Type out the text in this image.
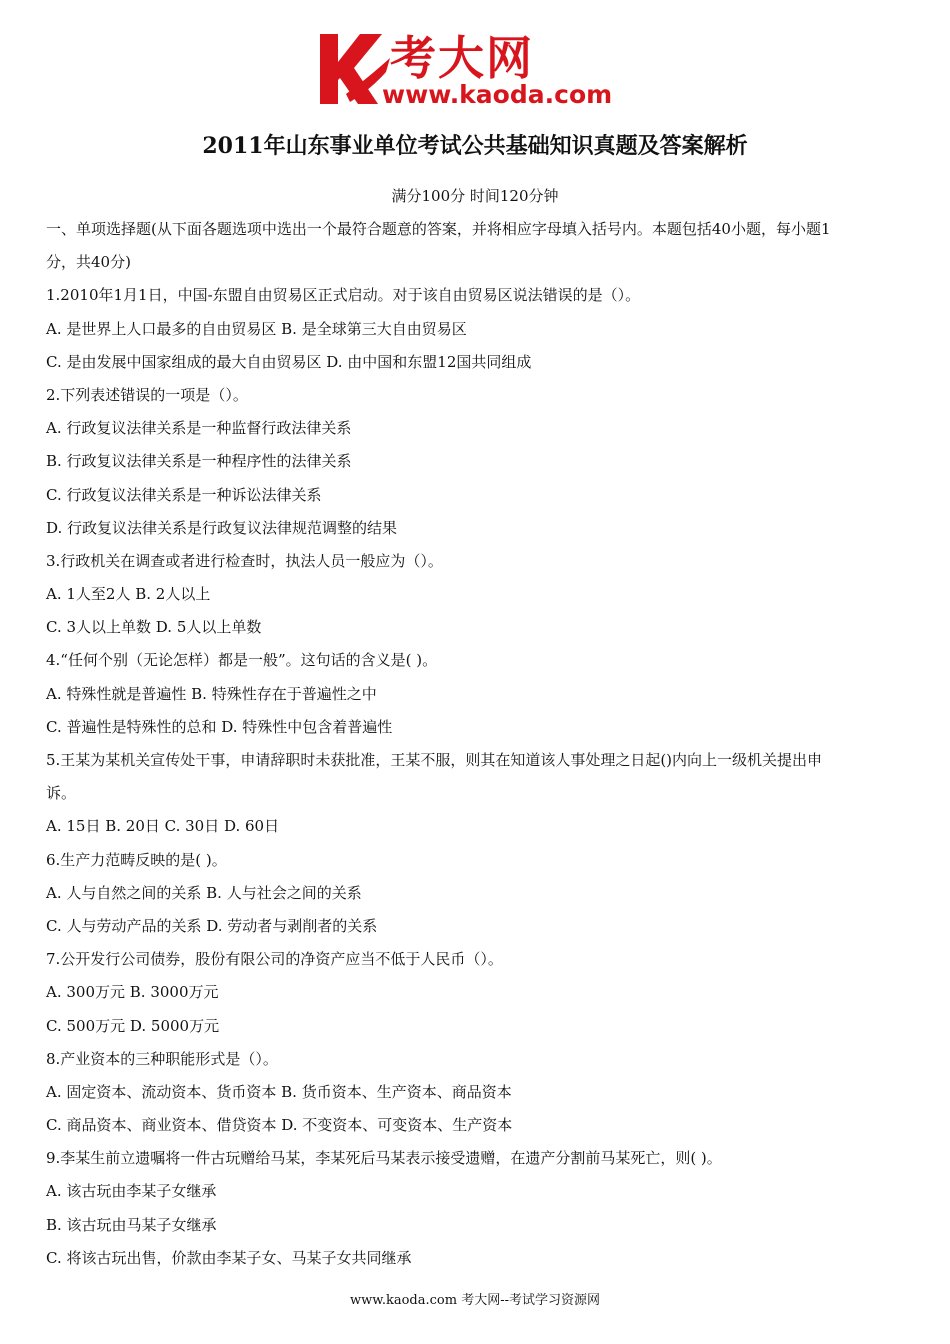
考大网
www.kaoda.com
2011年山东事业单位考试公共基础知识真题及答案解析
满分100分 时间120分钟
一、单项选择题(从下面各题选项中选出一个最符合题意的答案，并将相应字母填入括号内。本题包括40小题，每小题1
分，共40分)
1.2010年1月1日，中国-东盟自由贸易区正式启动。对于该自由贸易区说法错误的是（）。
A. 是世界上人口最多的自由贸易区 B. 是全球第三大自由贸易区
C. 是由发展中国家组成的最大自由贸易区 D. 由中国和东盟12国共同组成
2.下列表述错误的一项是（）。
A. 行政复议法律关系是一种监督行政法律关系
B. 行政复议法律关系是一种程序性的法律关系
C. 行政复议法律关系是一种诉讼法律关系
D. 行政复议法律关系是行政复议法律规范调整的结果
3.行政机关在调查或者进行检查时，执法人员一般应为（）。
A. 1人至2人 B. 2人以上
C. 3人以上单数 D. 5人以上单数
4.“任何个别（无论怎样）都是一般”。这句话的含义是( )。
A. 特殊性就是普遍性 B. 特殊性存在于普遍性之中
C. 普遍性是特殊性的总和 D. 特殊性中包含着普遍性
5.王某为某机关宣传处干事，申请辞职时未获批准，王某不服，则其在知道该人事处理之日起()内向上一级机关提出申
诉。
A. 15日 B. 20日 C. 30日 D. 60日
6.生产力范畴反映的是( )。
A. 人与自然之间的关系 B. 人与社会之间的关系
C. 人与劳动产品的关系 D. 劳动者与剥削者的关系
7.公开发行公司债券，股份有限公司的净资产应当不低于人民币（）。
A. 300万元 B. 3000万元
C. 500万元 D. 5000万元
8.产业资本的三种职能形式是（）。
A. 固定资本、流动资本、货币资本 B. 货币资本、生产资本、商品资本
C. 商品资本、商业资本、借贷资本 D. 不变资本、可变资本、生产资本
9.李某生前立遗嘱将一件古玩赠给马某，李某死后马某表示接受遗赠，在遗产分割前马某死亡，则( )。
A. 该古玩由李某子女继承
B. 该古玩由马某子女继承
C. 将该古玩出售，价款由李某子女、马某子女共同继承
www.kaoda.com 考大网--考试学习资源网
